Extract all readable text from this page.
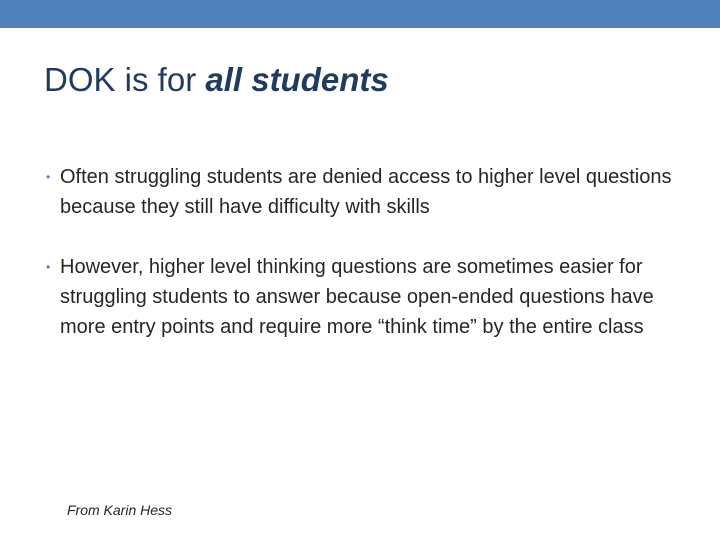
DOK is for all students
• Often struggling students are denied access to higher level questions because they still have difficulty with skills
• However, higher level thinking questions are sometimes easier for struggling students to answer because open-ended questions have more entry points and require more “think time” by the entire class
From Karin Hess
